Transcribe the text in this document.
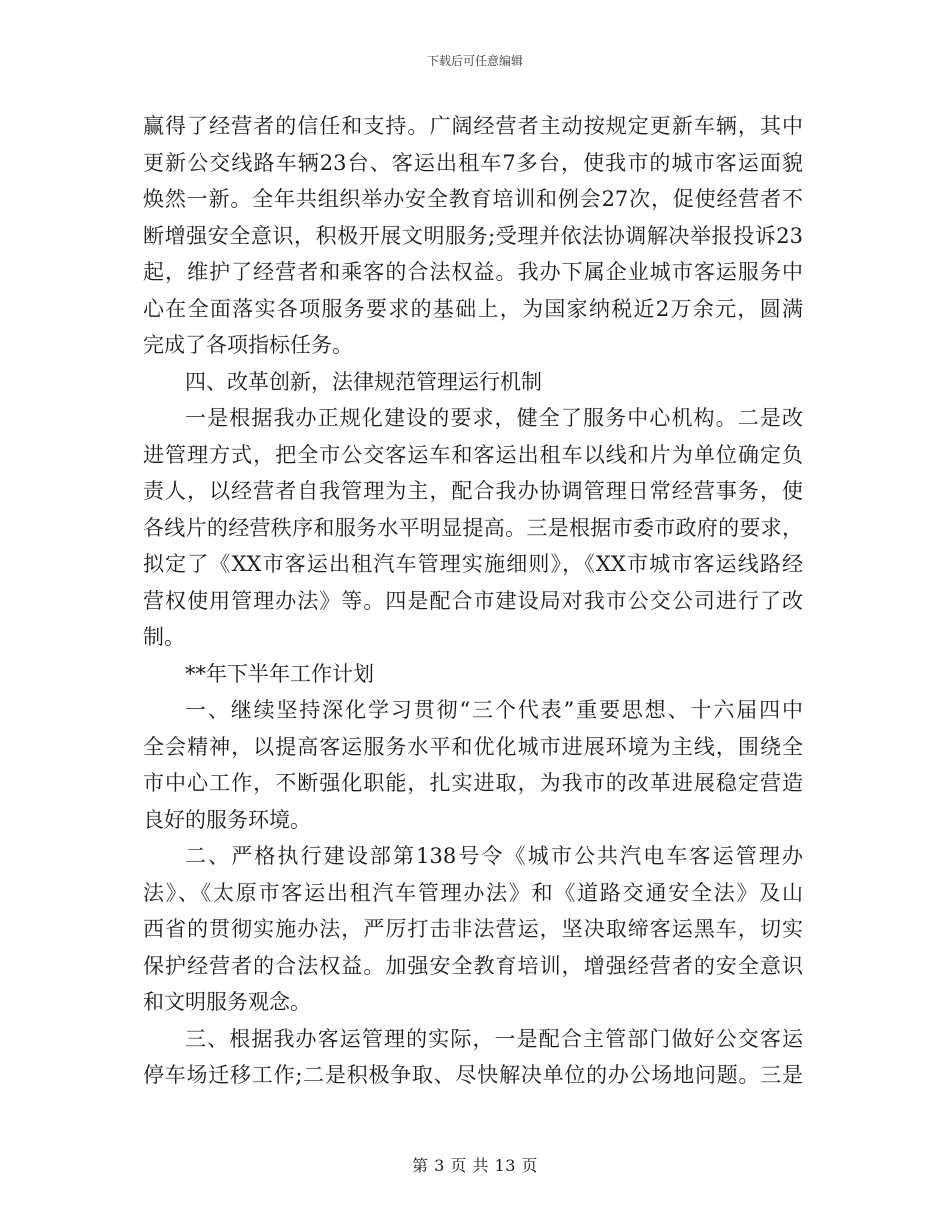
下载后可任意编辑
赢得了经营者的信任和支持。广阔经营者主动按规定更新车辆，其中
更新公交线路车辆23台、客运出租车7多台，使我市的城市客运面貌
焕然一新。全年共组织举办安全教育培训和例会27次，促使经营者不
断增强安全意识，积极开展文明服务;受理并依法协调解决举报投诉23
起，维护了经营者和乘客的合法权益。我办下属企业城市客运服务中
心在全面落实各项服务要求的基础上，为国家纳税近2万余元，圆满
完成了各项指标任务。
四、改革创新，法律规范管理运行机制
一是根据我办正规化建设的要求，健全了服务中心机构。二是改
进管理方式，把全市公交客运车和客运出租车以线和片为单位确定负
责人，以经营者自我管理为主，配合我办协调管理日常经营事务，使
各线片的经营秩序和服务水平明显提高。三是根据市委市政府的要求，
拟定了《XX市客运出租汽车管理实施细则》，《XX市城市客运线路经
营权使用管理办法》等。四是配合市建设局对我市公交公司进行了改
制。
**年下半年工作计划
一、继续坚持深化学习贯彻“三个代表”重要思想、十六届四中
全会精神，以提高客运服务水平和优化城市进展环境为主线，围绕全
市中心工作，不断强化职能，扎实进取，为我市的改革进展稳定营造
良好的服务环境。
二、严格执行建设部第138号令《城市公共汽电车客运管理办
法》、《太原市客运出租汽车管理办法》和《道路交通安全法》及山
西省的贯彻实施办法，严厉打击非法营运，坚决取缔客运黑车，切实
保护经营者的合法权益。加强安全教育培训，增强经营者的安全意识
和文明服务观念。
三、根据我办客运管理的实际，一是配合主管部门做好公交客运
停车场迁移工作;二是积极争取、尽快解决单位的办公场地问题。三是
第 3 页 共 13 页
